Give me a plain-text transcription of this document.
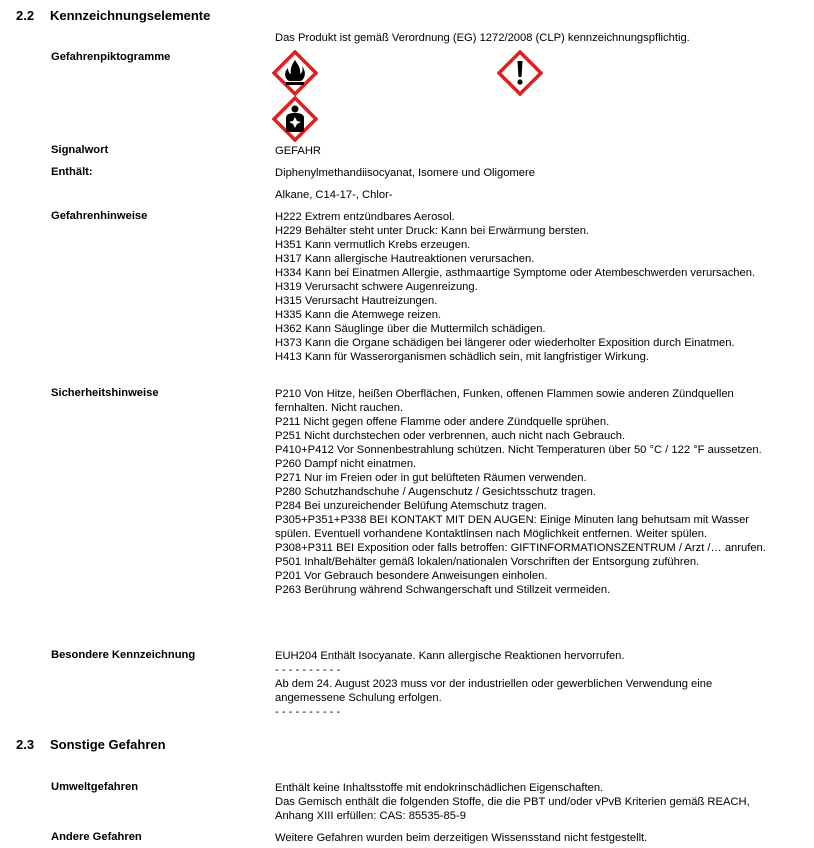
2.2 Kennzeichnungselemente
Das Produkt ist gemäß Verordnung (EG) 1272/2008 (CLP) kennzeichnungspflichtig.
Gefahrenpiktogramme
Signalwort	GEFAHR
Enthält:	Diphenylmethandiisocyanat, Isomere und Oligomere
Alkane, C14-17-, Chlor-
Gefahrenhinweise	H222 Extrem entzündbares Aerosol.
H229 Behälter steht unter Druck: Kann bei Erwärmung bersten.
H351 Kann vermutlich Krebs erzeugen.
H317 Kann allergische Hautreaktionen verursachen.
H334 Kann bei Einatmen Allergie, asthmaartige Symptome oder Atembeschwerden verursachen.
H319 Verursacht schwere Augenreizung.
H315 Verursacht Hautreizungen.
H335 Kann die Atemwege reizen.
H362 Kann Säuglinge über die Muttermilch schädigen.
H373 Kann die Organe schädigen bei längerer oder wiederholter Exposition durch Einatmen.
H413 Kann für Wasserorganismen schädlich sein, mit langfristiger Wirkung.
Sicherheitshinweise	P210 Von Hitze, heißen Oberflächen, Funken, offenen Flammen sowie anderen Zündquellen fernhalten. Nicht rauchen.
P211 Nicht gegen offene Flamme oder andere Zündquelle sprühen.
P251 Nicht durchstechen oder verbrennen, auch nicht nach Gebrauch.
P410+P412 Vor Sonnenbestrahlung schützen. Nicht Temperaturen über 50 °C / 122 °F aussetzen.
P260 Dampf nicht einatmen.
P271 Nur im Freien oder in gut belüfteten Räumen verwenden.
P280 Schutzhandschuhe / Augenschutz / Gesichtsschutz tragen.
P284 Bei unzureichender Belüfung Atemschutz tragen.
P305+P351+P338 BEI KONTAKT MIT DEN AUGEN: Einige Minuten lang behutsam mit Wasser spülen. Eventuell vorhandene Kontaktlinsen nach Möglichkeit entfernen. Weiter spülen.
P308+P311 BEI Exposition oder falls betroffen: GIFTINFORMATIONSZENTRUM / Arzt /… anrufen.
P501 Inhalt/Behälter gemäß lokalen/nationalen Vorschriften der Entsorgung zuführen.
P201 Vor Gebrauch besondere Anweisungen einholen.
P263 Berührung während Schwangerschaft und Stillzeit vermeiden.
Besondere Kennzeichnung	EUH204 Enthält Isocyanate. Kann allergische Reaktionen hervorrufen.
- - - - - - - - - -
Ab dem 24. August 2023 muss vor der industriellen oder gewerblichen Verwendung eine angemessene Schulung erfolgen.
- - - - - - - - - -
2.3 Sonstige Gefahren
Umweltgefahren	Enthält keine Inhaltsstoffe mit endokrinschädlichen Eigenschaften.
Das Gemisch enthält die folgenden Stoffe, die die PBT und/oder vPvB Kriterien gemäß REACH, Anhang XIII erfüllen: CAS: 85535-85-9
Andere Gefahren	Weitere Gefahren wurden beim derzeitigen Wissensstand nicht festgestellt.
